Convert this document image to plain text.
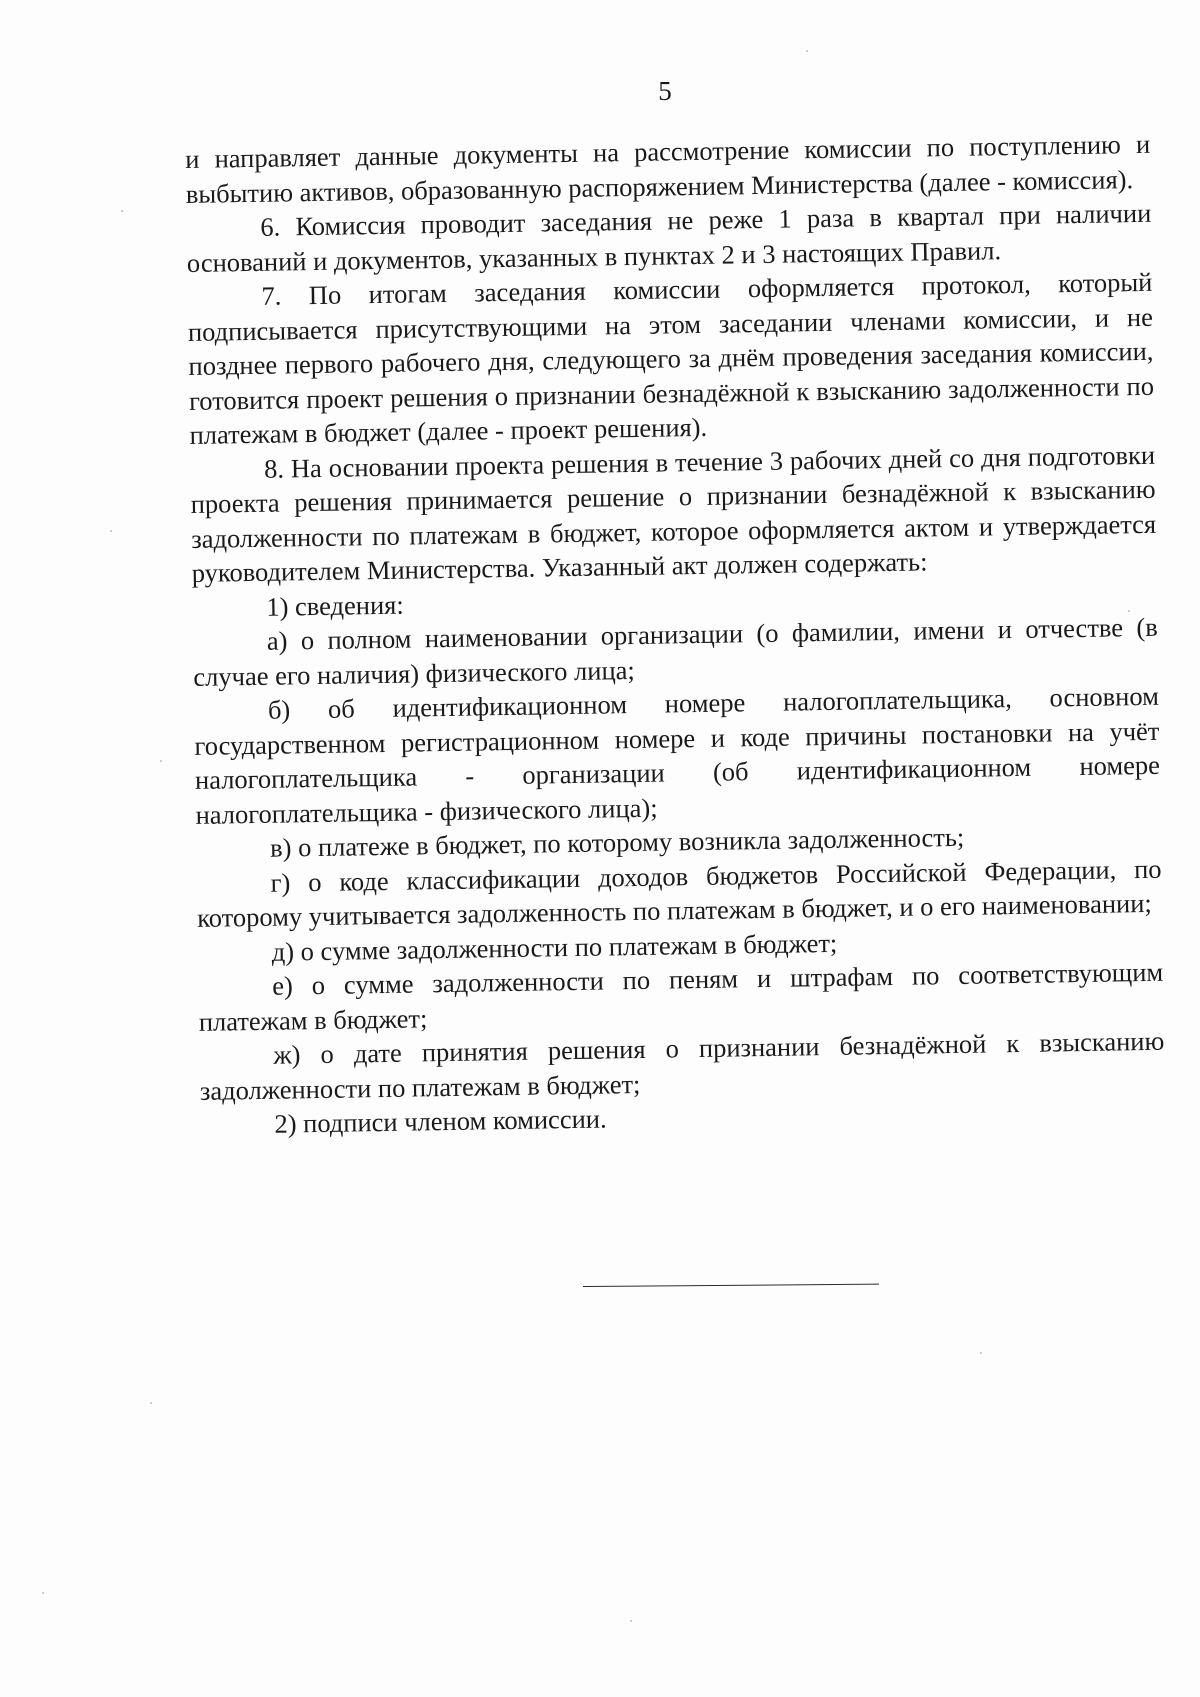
5

и направляет данные документы на рассмотрение комиссии по поступлению и выбытию активов, образованную распоряжением Министерства (далее - комиссия).

6. Комиссия проводит заседания не реже 1 раза в квартал при наличии оснований и документов, указанных в пунктах 2 и 3 настоящих Правил.

7. По итогам заседания комиссии оформляется протокол, который подписывается присутствующими на этом заседании членами комиссии, и не позднее первого рабочего дня, следующего за днём проведения заседания комиссии, готовится проект решения о признании безнадёжной к взысканию задолженности по платежам в бюджет (далее - проект решения).

8. На основании проекта решения в течение 3 рабочих дней со дня подготовки проекта решения принимается решение о признании безнадёжной к взысканию задолженности по платежам в бюджет, которое оформляется актом и утверждается руководителем Министерства. Указанный акт должен содержать:

1) сведения:

а) о полном наименовании организации (о фамилии, имени и отчестве (в случае его наличия) физического лица;

б) об идентификационном номере налогоплательщика, основном государственном регистрационном номере и коде причины постановки на учёт налогоплательщика - организации (об идентификационном номере налогоплательщика - физического лица);

в) о платеже в бюджет, по которому возникла задолженность;

г) о коде классификации доходов бюджетов Российской Федерации, по которому учитывается задолженность по платежам в бюджет, и о его наименовании;

д) о сумме задолженности по платежам в бюджет;

е) о сумме задолженности по пеням и штрафам по соответствующим платежам в бюджет;

ж) о дате принятия решения о признании безнадёжной к взысканию задолженности по платежам в бюджет;

2) подписи членом комиссии.
